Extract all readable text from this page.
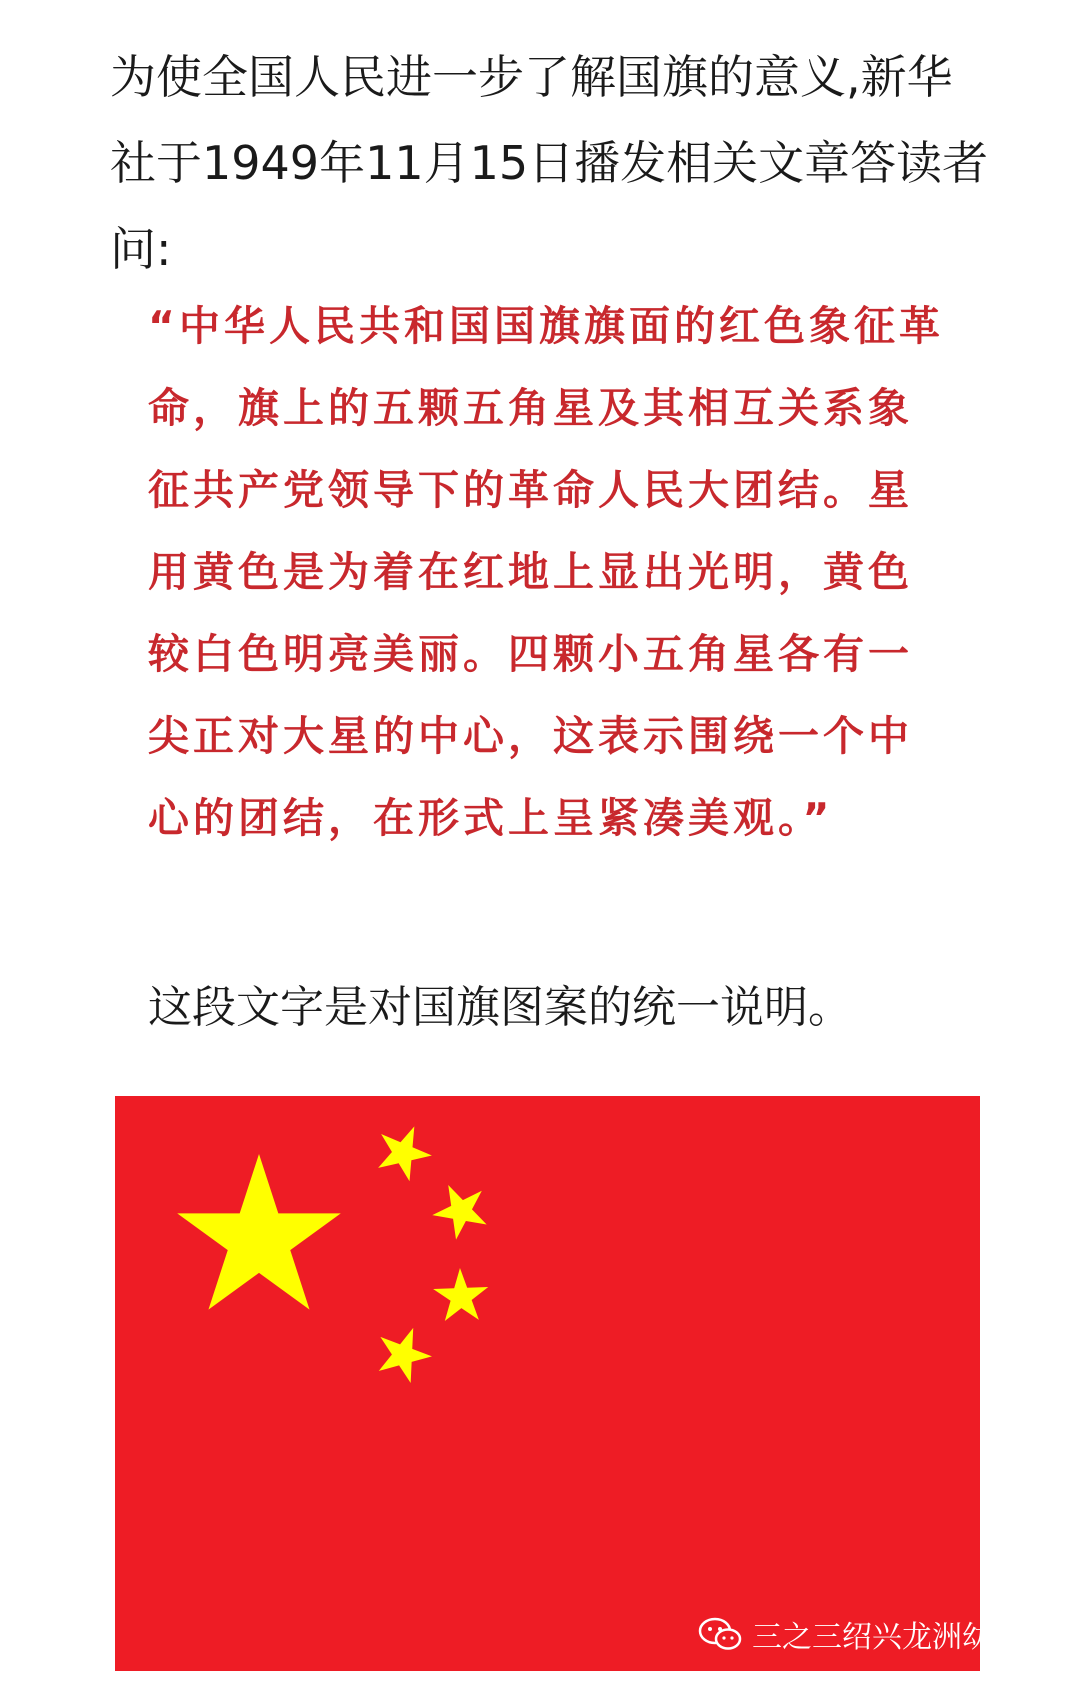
为使全国人民进一步了解国旗的意义,新华社于1949年11月15日播发相关文章答读者问:

“中华人民共和国国旗旗面的红色象征革命，旗上的五颗五角星及其相互关系象征共产党领导下的革命人民大团结。星用黄色是为着在红地上显出光明，黄色较白色明亮美丽。四颗小五角星各有一尖正对大星的中心，这表示围绕一个中心的团结，在形式上呈紧凑美观。”

这段文字是对国旗图案的统一说明。

三之三绍兴龙洲幼儿园
